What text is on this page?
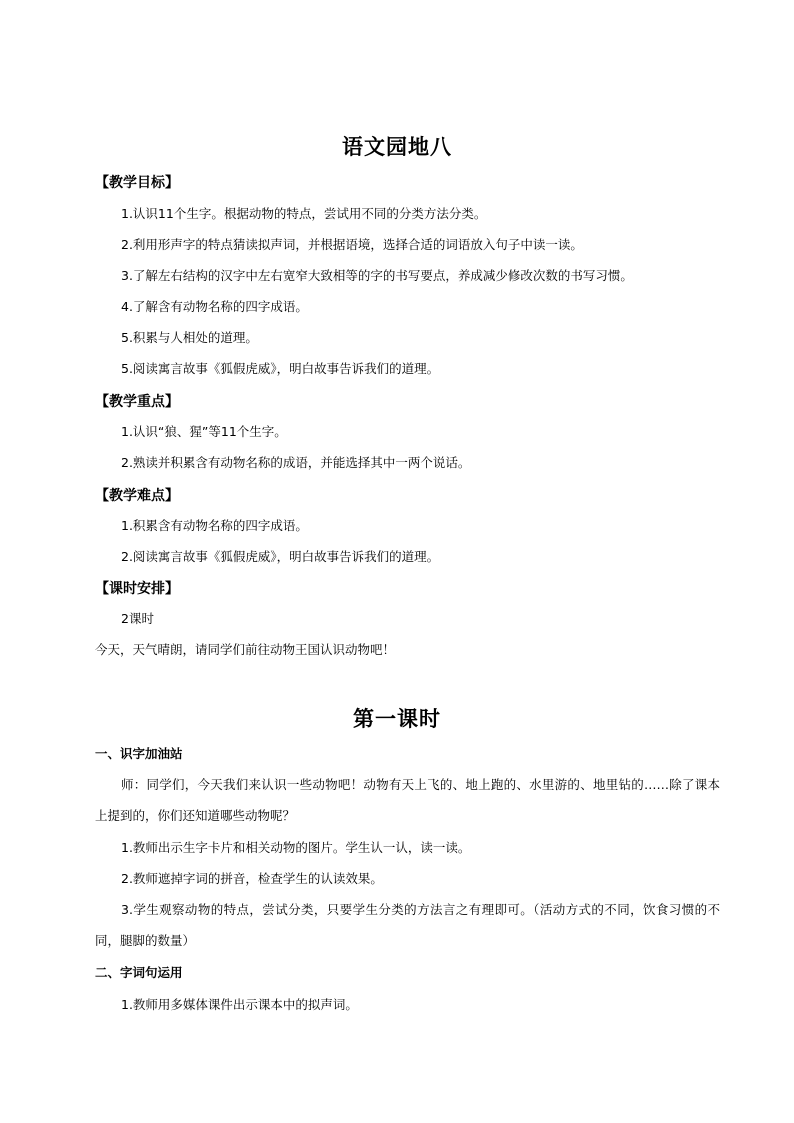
语文园地八
【教学目标】
1.认识11个生字。根据动物的特点，尝试用不同的分类方法分类。
2.利用形声字的特点猜读拟声词，并根据语境，选择合适的词语放入句子中读一读。
3.了解左右结构的汉字中左右宽窄大致相等的字的书写要点，养成减少修改次数的书写习惯。
4.了解含有动物名称的四字成语。
5.积累与人相处的道理。
5.阅读寓言故事《狐假虎威》，明白故事告诉我们的道理。
【教学重点】
1.认识“狼、猩”等11个生字。
2.熟读并积累含有动物名称的成语，并能选择其中一两个说话。
【教学难点】
1.积累含有动物名称的四字成语。
2.阅读寓言故事《狐假虎威》，明白故事告诉我们的道理。
【课时安排】
2课时
今天，天气晴朗，请同学们前往动物王国认识动物吧！
第一课时
一、识字加油站
师：同学们，今天我们来认识一些动物吧！动物有天上飞的、地上跑的、水里游的、地里钻的……除了课本上提到的，你们还知道哪些动物呢？
1.教师出示生字卡片和相关动物的图片。学生认一认，读一读。
2.教师遮掉字词的拼音，检查学生的认读效果。
3.学生观察动物的特点，尝试分类，只要学生分类的方法言之有理即可。（活动方式的不同，饮食习惯的不同，腿脚的数量）
二、字词句运用
1.教师用多媒体课件出示课本中的拟声词。
